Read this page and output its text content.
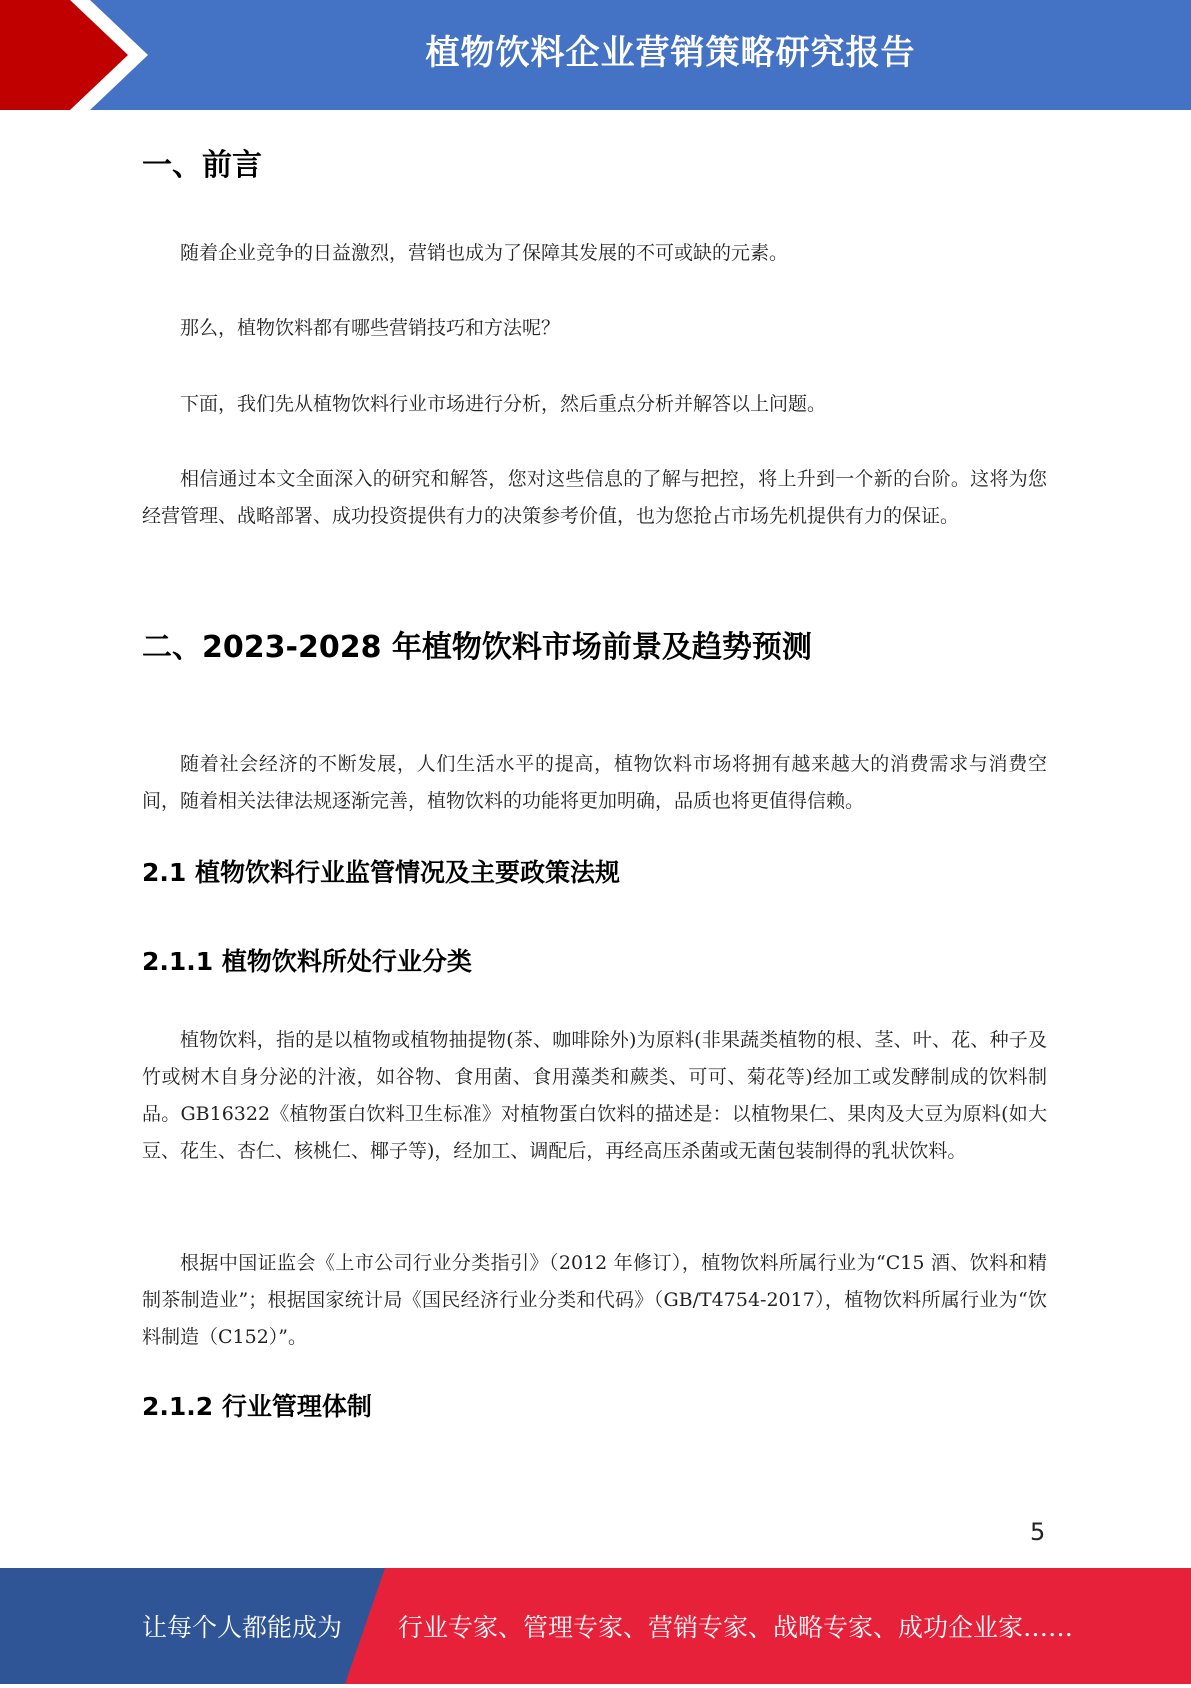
植物饮料企业营销策略研究报告
一、前言
随着企业竞争的日益激烈，营销也成为了保障其发展的不可或缺的元素。
那么，植物饮料都有哪些营销技巧和方法呢？
下面，我们先从植物饮料行业市场进行分析，然后重点分析并解答以上问题。
相信通过本文全面深入的研究和解答，您对这些信息的了解与把控，将上升到一个新的台阶。这将为您经营管理、战略部署、成功投资提供有力的决策参考价值，也为您抢占市场先机提供有力的保证。
二、2023-2028 年植物饮料市场前景及趋势预测
随着社会经济的不断发展，人们生活水平的提高，植物饮料市场将拥有越来越大的消费需求与消费空间，随着相关法律法规逐渐完善，植物饮料的功能将更加明确，品质也将更值得信赖。
2.1 植物饮料行业监管情况及主要政策法规
2.1.1 植物饮料所处行业分类
植物饮料，指的是以植物或植物抽提物(茶、咖啡除外)为原料(非果蔬类植物的根、茎、叶、花、种子及竹或树木自身分泌的汁液，如谷物、食用菌、食用藻类和蕨类、可可、菊花等)经加工或发酵制成的饮料制品。GB16322《植物蛋白饮料卫生标准》对植物蛋白饮料的描述是：以植物果仁、果肉及大豆为原料(如大豆、花生、杏仁、核桃仁、椰子等)，经加工、调配后，再经高压杀菌或无菌包装制得的乳状饮料。
根据中国证监会《上市公司行业分类指引》（2012 年修订），植物饮料所属行业为“C15 酒、饮料和精制茶制造业”；根据国家统计局《国民经济行业分类和代码》（GB/T4754-2017），植物饮料所属行业为“饮料制造（C152）”。
2.1.2 行业管理体制
5
让每个人都能成为 行业专家、管理专家、营销专家、战略专家、成功企业家……
